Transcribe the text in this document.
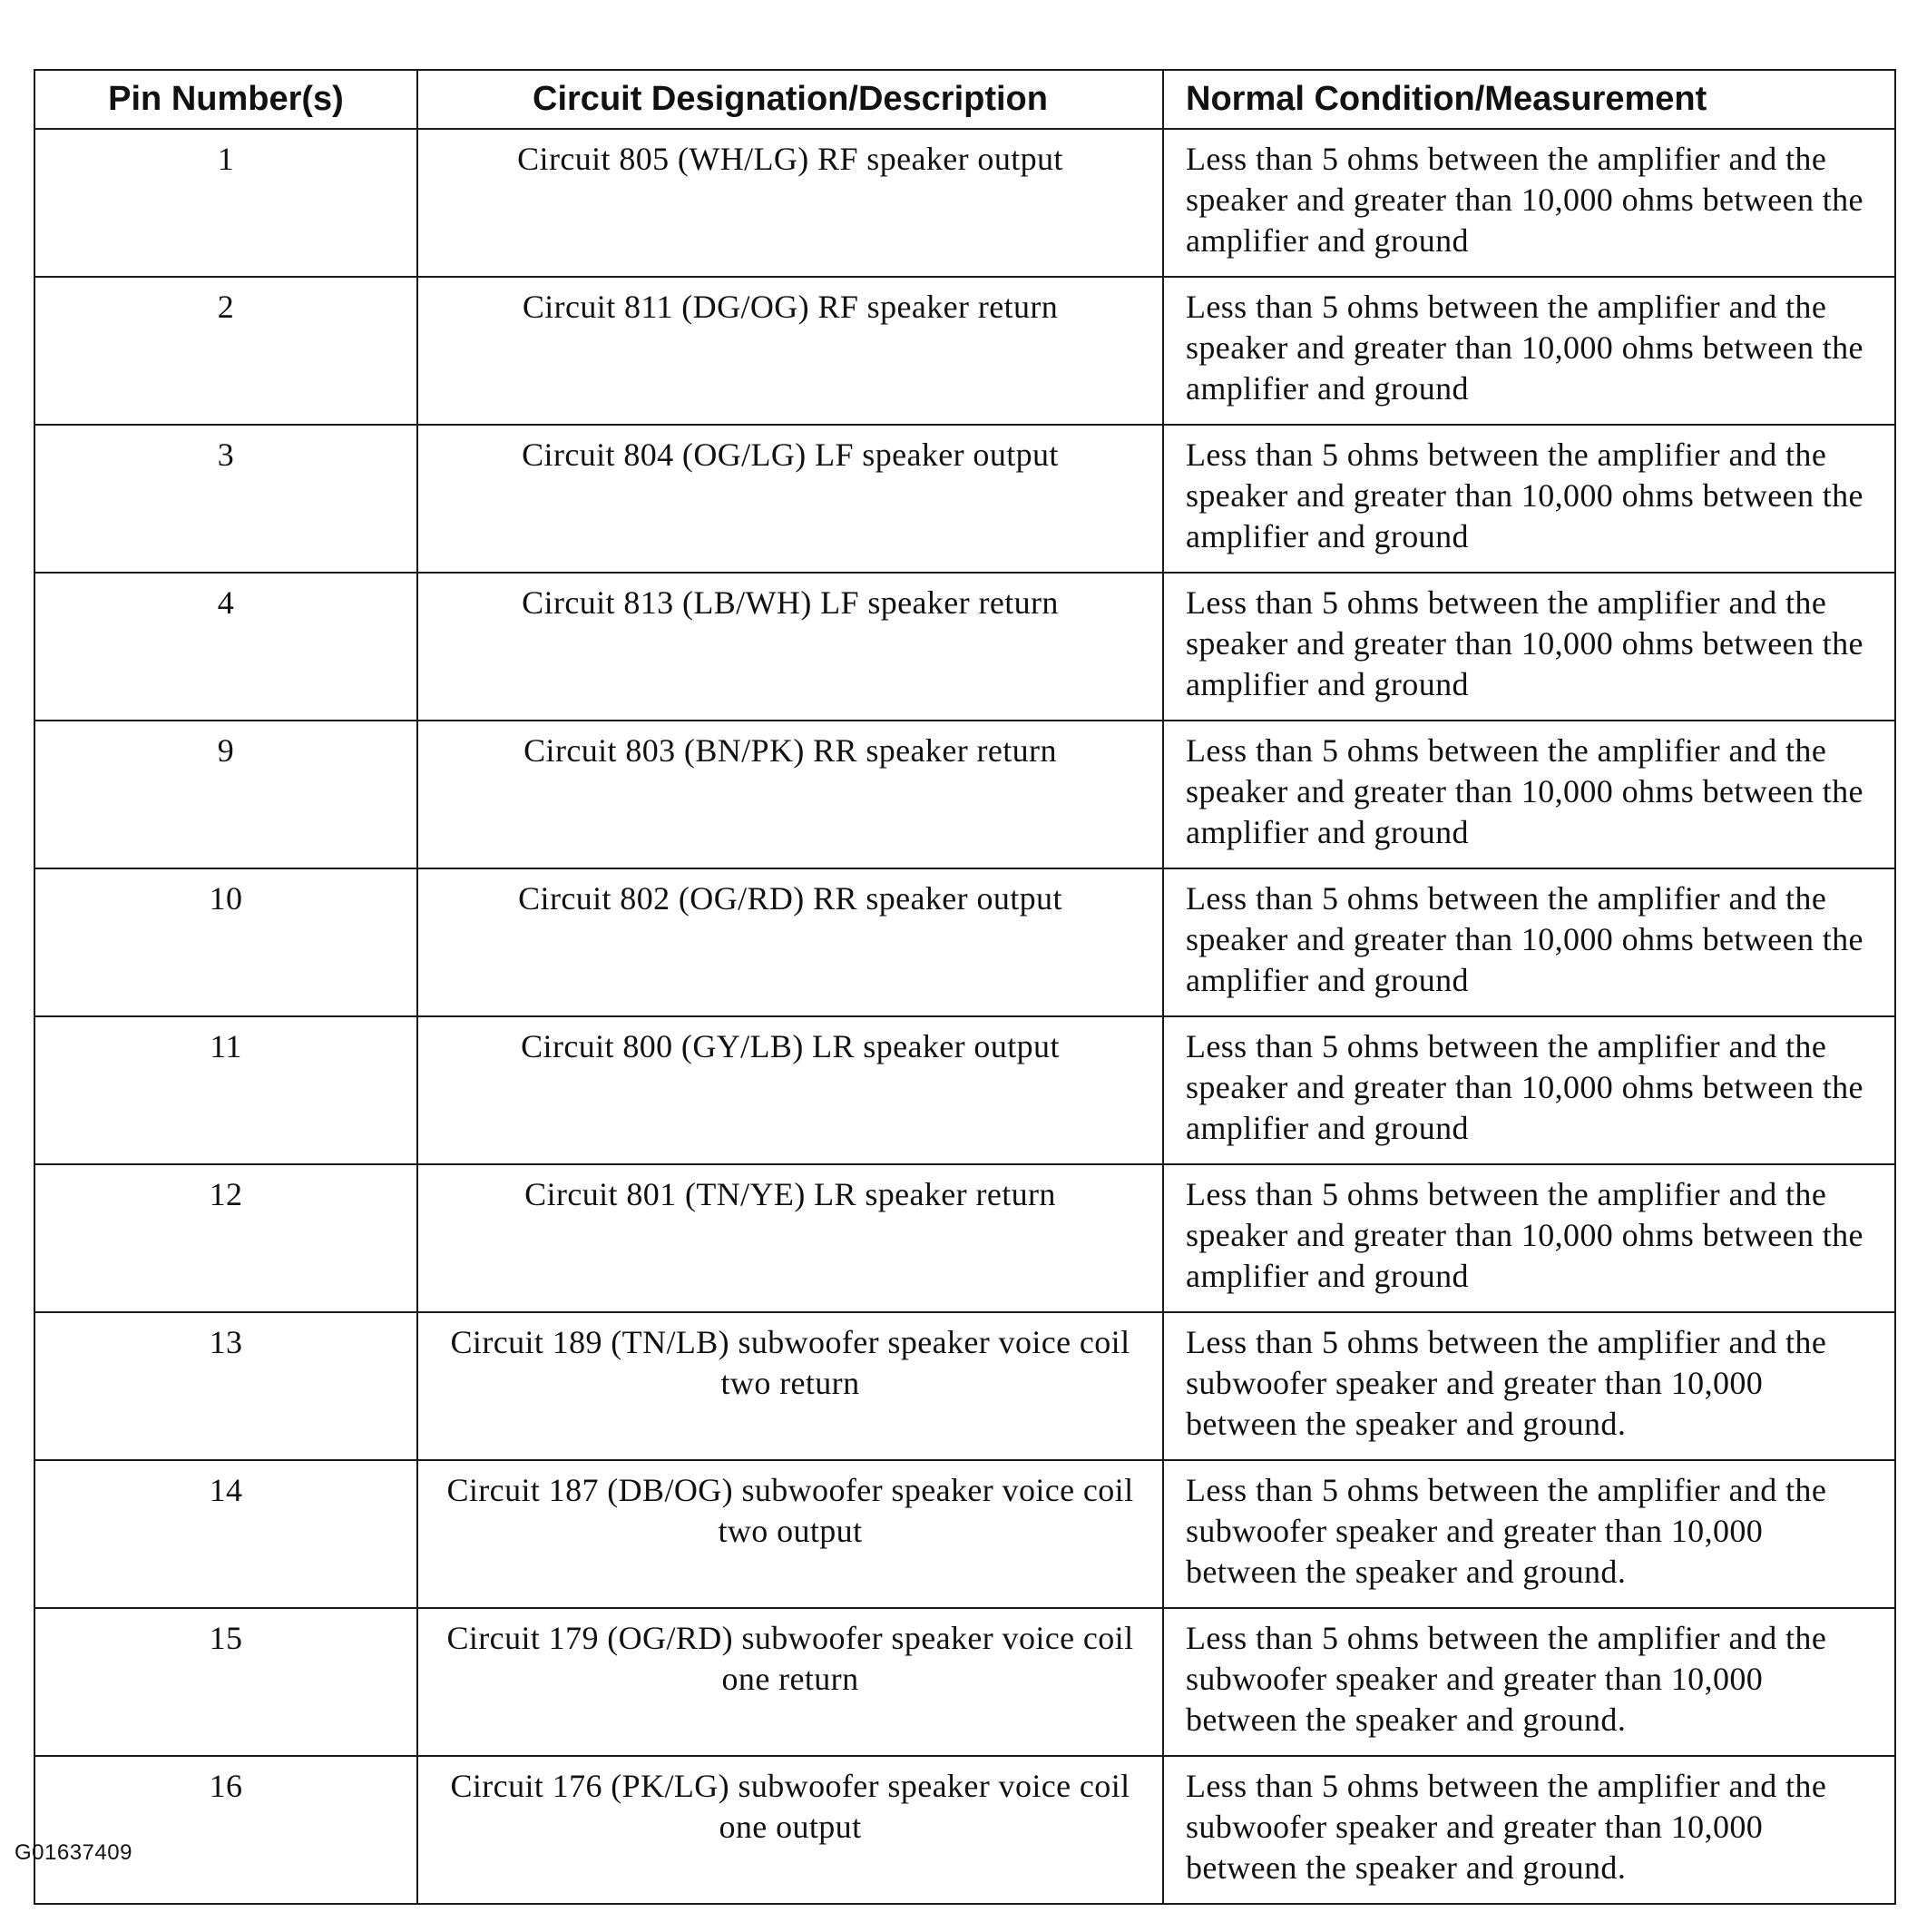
Pin Number(s)	Circuit Designation/Description	Normal Condition/Measurement
1	Circuit 805 (WH/LG) RF speaker output	Less than 5 ohms between the amplifier and the speaker and greater than 10,000 ohms between the amplifier and ground
2	Circuit 811 (DG/OG) RF speaker return	Less than 5 ohms between the amplifier and the speaker and greater than 10,000 ohms between the amplifier and ground
3	Circuit 804 (OG/LG) LF speaker output	Less than 5 ohms between the amplifier and the speaker and greater than 10,000 ohms between the amplifier and ground
4	Circuit 813 (LB/WH) LF speaker return	Less than 5 ohms between the amplifier and the speaker and greater than 10,000 ohms between the amplifier and ground
9	Circuit 803 (BN/PK) RR speaker return	Less than 5 ohms between the amplifier and the speaker and greater than 10,000 ohms between the amplifier and ground
10	Circuit 802 (OG/RD) RR speaker output	Less than 5 ohms between the amplifier and the speaker and greater than 10,000 ohms between the amplifier and ground
11	Circuit 800 (GY/LB) LR speaker output	Less than 5 ohms between the amplifier and the speaker and greater than 10,000 ohms between the amplifier and ground
12	Circuit 801 (TN/YE) LR speaker return	Less than 5 ohms between the amplifier and the speaker and greater than 10,000 ohms between the amplifier and ground
13	Circuit 189 (TN/LB) subwoofer speaker voice coil two return	Less than 5 ohms between the amplifier and the subwoofer speaker and greater than 10,000 between the speaker and ground.
14	Circuit 187 (DB/OG) subwoofer speaker voice coil two output	Less than 5 ohms between the amplifier and the subwoofer speaker and greater than 10,000 between the speaker and ground.
15	Circuit 179 (OG/RD) subwoofer speaker voice coil one return	Less than 5 ohms between the amplifier and the subwoofer speaker and greater than 10,000 between the speaker and ground.
16	Circuit 176 (PK/LG) subwoofer speaker voice coil one output	Less than 5 ohms between the amplifier and the subwoofer speaker and greater than 10,000 between the speaker and ground.
G01637409
